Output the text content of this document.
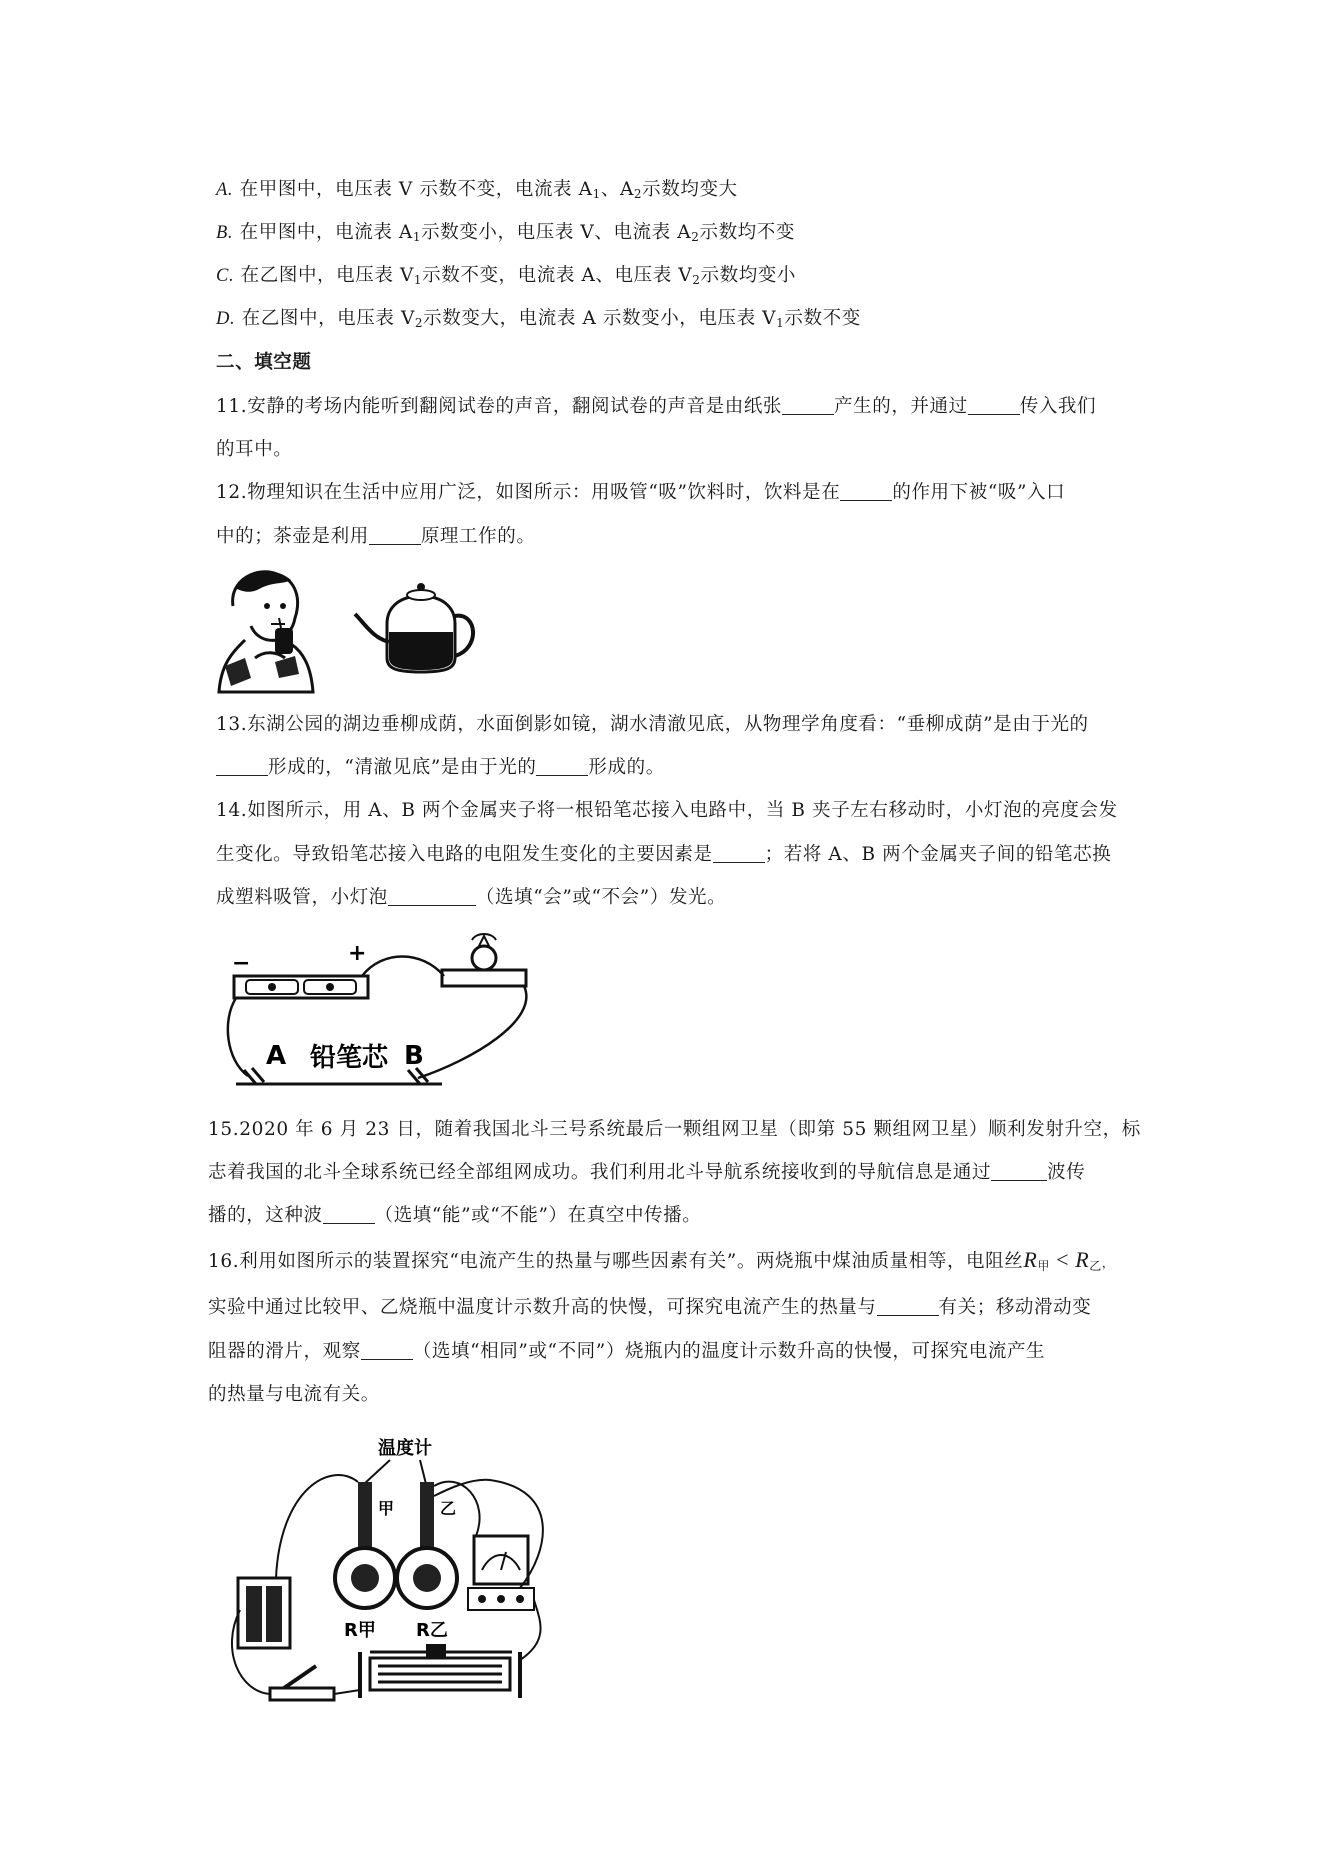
A. 在甲图中，电压表 V 示数不变，电流表 $A_1$、$A_2$示数均变大
B. 在甲图中，电流表 $A_1$示数变小，电压表 V、电流表 $A_2$示数均不变
C. 在乙图中，电压表 $V_1$示数不变，电流表 A、电压表 $V_2$示数均变小
D. 在乙图中，电压表 $V_2$示数变大，电流表 A 示数变小，电压表 $V_1$示数不变
二、填空题
11.安静的考场内能听到翻阅试卷的声音，翻阅试卷的声音是由纸张	产生的，并通过	传入我们
的耳中。
12.物理知识在生活中应用广泛，如图所示：用吸管“吸”饮料时，饮料是在	的作用下被“吸”入口
中的；茶壶是利用	原理工作的。
13.东湖公园的湖边垂柳成荫，水面倒影如镜，湖水清澈见底，从物理学角度看：“垂柳成荫”是由于光的
形成的，“清澈见底”是由于光的	形成的。
14.如图所示，用 A、B 两个金属夹子将一根铅笔芯接入电路中，当 B 夹子左右移动时，小灯泡的亮度会发
生变化。导致铅笔芯接入电路的电阻发生变化的主要因素是	；若将 A、B 两个金属夹子间的铅笔芯换
成塑料吸管，小灯泡	（选填“会”或“不会”）发光。
−	+
A 铅笔芯 B
15.2020 年 6 月 23 日，随着我国北斗三号系统最后一颗组网卫星（即第 55 颗组网卫星）顺利发射升空，标
志着我国的北斗全球系统已经全部组网成功。我们利用北斗导航系统接收到的导航信息是通过	波传
播的，这种波	（选填“能”或“不能”）在真空中传播。
16.利用如图所示的装置探究“电流产生的热量与哪些因素有关”。两烧瓶中煤油质量相等，电阻丝$R_甲 < R_乙$，
实验中通过比较甲、乙烧瓶中温度计示数升高的快慢，可探究电流产生的热量与	有关；移动滑动变
阻器的滑片，观察	（选填“相同”或“不同”）烧瓶内的温度计示数升高的快慢，可探究电流产生
的热量与电流有关。
温度计
甲	乙
R甲 R乙
